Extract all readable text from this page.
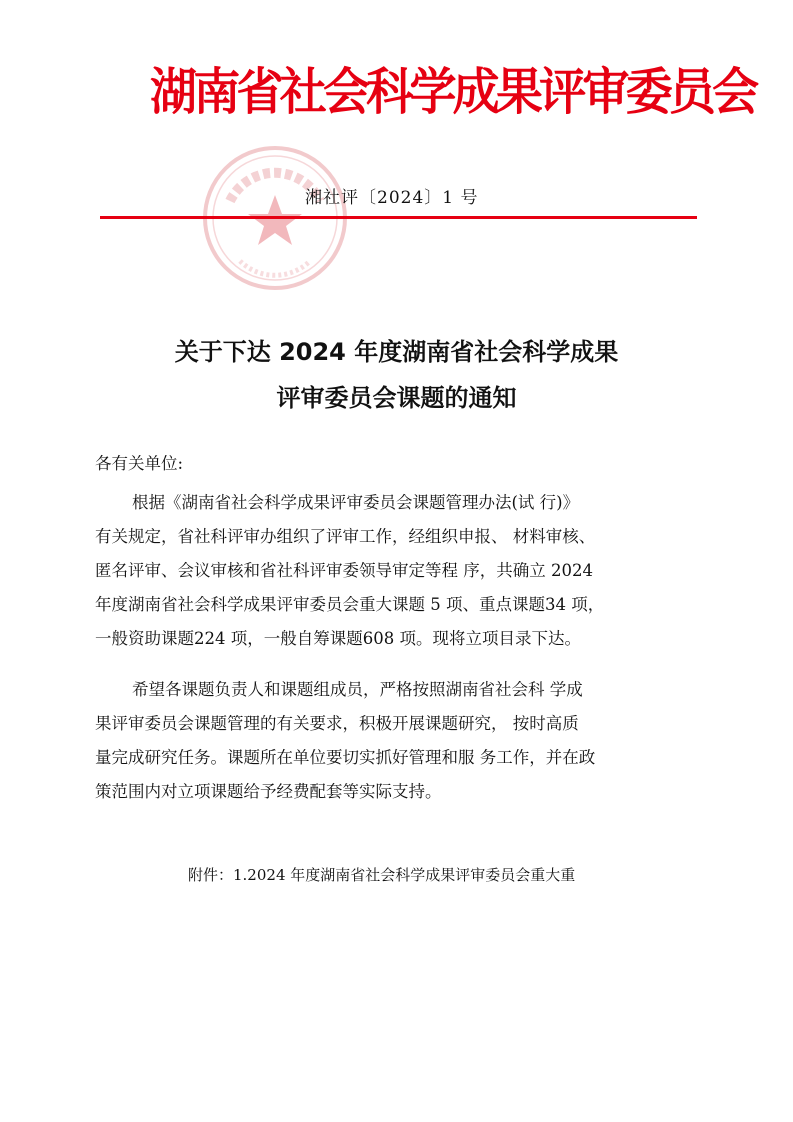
湖南省社会科学成果评审委员会
湘社评〔2024〕1 号
关于下达 2024 年度湖南省社会科学成果
评审委员会课题的通知
各有关单位:
根据《湖南省社会科学成果评审委员会课题管理办法(试 行)》
有关规定，省社科评审办组织了评审工作，经组织申报、 材料审核、
匿名评审、会议审核和省社科评审委领导审定等程 序，共确立 2024
年度湖南省社会科学成果评审委员会重大课题 5 项、重点课题34 项，
一般资助课题224 项，一般自筹课题608 项。现将立项目录下达。
希望各课题负责人和课题组成员，严格按照湖南省社会科 学成
果评审委员会课题管理的有关要求，积极开展课题研究， 按时高质
量完成研究任务。课题所在单位要切实抓好管理和服 务工作，并在政
策范围内对立项课题给予经费配套等实际支持。
附件：1.2024 年度湖南省社会科学成果评审委员会重大重
